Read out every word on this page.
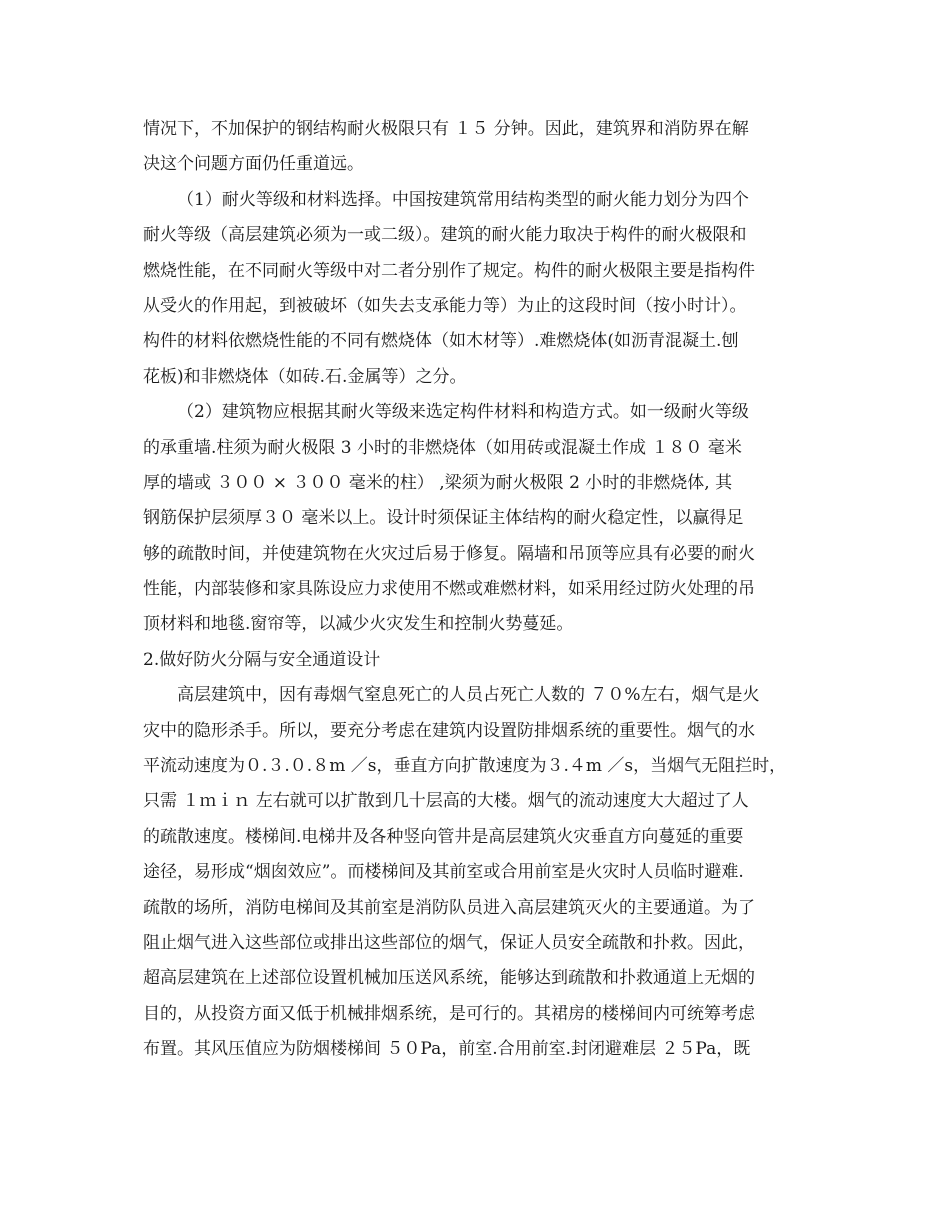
情况下，不加保护的钢结构耐火极限只有 １５ 分钟。因此，建筑界和消防界在解
决这个问题方面仍任重道远。
（1）耐火等级和材料选择。中国按建筑常用结构类型的耐火能力划分为四个
耐火等级（高层建筑必须为一或二级）。建筑的耐火能力取决于构件的耐火极限和
燃烧性能，在不同耐火等级中对二者分别作了规定。构件的耐火极限主要是指构件
从受火的作用起，到被破坏（如失去支承能力等）为止的这段时间（按小时计）。
构件的材料依燃烧性能的不同有燃烧体（如木材等）.难燃烧体(如沥青混凝土.刨
花板)和非燃烧体（如砖.石.金属等）之分。
（2）建筑物应根据其耐火等级来选定构件材料和构造方式。如一级耐火等级
的承重墙.柱须为耐火极限 3 小时的非燃烧体（如用砖或混凝土作成 １８０ 毫米
厚的墙或 ３００ × ３００ 毫米的柱） ,梁须为耐火极限 2 小时的非燃烧体, 其
钢筋保护层须厚３０ 毫米以上。设计时须保证主体结构的耐火稳定性，以赢得足
够的疏散时间，并使建筑物在火灾过后易于修复。隔墙和吊顶等应具有必要的耐火
性能，内部装修和家具陈设应力求使用不燃或难燃材料，如采用经过防火处理的吊
顶材料和地毯.窗帘等，以减少火灾发生和控制火势蔓延。
2.做好防火分隔与安全通道设计
高层建筑中，因有毒烟气窒息死亡的人员占死亡人数的 ７０%左右，烟气是火
灾中的隐形杀手。所以，要充分考虑在建筑内设置防排烟系统的重要性。烟气的水
平流动速度为０.３.０.８m ／s，垂直方向扩散速度为３.４m ／s，当烟气无阻拦时，
只需 １ｍｉｎ 左右就可以扩散到几十层高的大楼。烟气的流动速度大大超过了人
的疏散速度。楼梯间.电梯井及各种竖向管井是高层建筑火灾垂直方向蔓延的重要
途径，易形成“烟囱效应”。而楼梯间及其前室或合用前室是火灾时人员临时避难.
疏散的场所，消防电梯间及其前室是消防队员进入高层建筑灭火的主要通道。为了
阻止烟气进入这些部位或排出这些部位的烟气，保证人员安全疏散和扑救。因此，
超高层建筑在上述部位设置机械加压送风系统，能够达到疏散和扑救通道上无烟的
目的，从投资方面又低于机械排烟系统，是可行的。其裙房的楼梯间内可统筹考虑
布置。其风压值应为防烟楼梯间 ５０Pa，前室.合用前室.封闭避难层 ２５Pa，既
